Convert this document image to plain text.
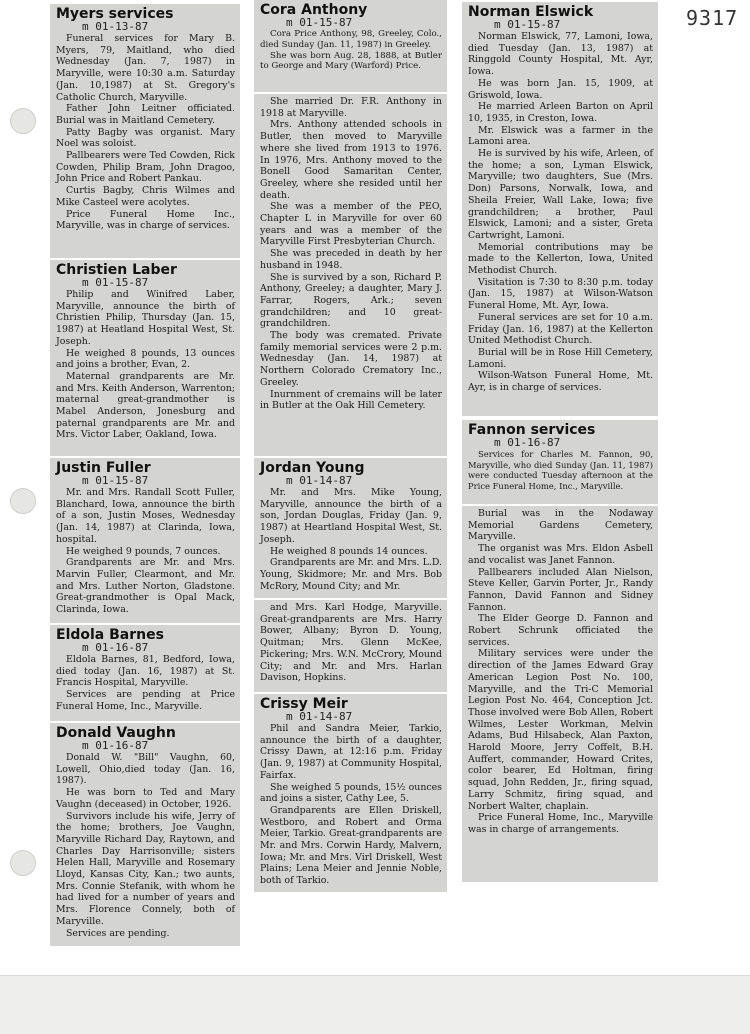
9317
Myers services
m 01-13-87

Funeral services for Mary B. Myers, 79, Maitland, who died Wednesday (Jan. 7, 1987) in Maryville, were 10:30 a.m. Saturday (Jan. 10,1987) at St. Gregory's Catholic Church, Maryville.

Father John Leitner officiated. Burial was in Maitland Cemetery.

Patty Bagby was organist. Mary Noel was soloist.

Pallbearers were Ted Cowden, Rick Cowden, Philip Bram, John Dragoo, John Price and Robert Pankau.

Curtis Bagby, Chris Wilmes and Mike Casteel were acolytes.

Price Funeral Home Inc., Maryville, was in charge of services.

Christien Laber
m 01-15-87

Philip and Winifred Laber, Maryville, announce the birth of Christien Philip, Thursday (Jan. 15, 1987) at Heatland Hospital West, St. Joseph.

He weighed 8 pounds, 13 ounces and joins a brother, Evan, 2.

Maternal grandparents are Mr. and Mrs. Keith Anderson, Warrenton; maternal great-grandmother is Mabel Anderson, Jonesburg and paternal grandparents are Mr. and Mrs. Victor Laber, Oakland, Iowa.

Justin Fuller
m 01-15-87

Mr. and Mrs. Randall Scott Fuller, Blanchard, Iowa, announce the birth of a son, Justin Moses, Wednesday (Jan. 14, 1987) at Clarinda, Iowa, hospital.

He weighed 9 pounds, 7 ounces.

Grandparents are Mr. and Mrs. Marvin Fuller, Clearmont, and Mr. and Mrs. Luther Norton, Gladstone. Great-grandmother is Opal Mack, Clarinda, Iowa.

Eldola Barnes
m 01-16-87

Eldola Barnes, 81, Bedford, Iowa, died today (Jan. 16, 1987) at St. Francis Hospital, Maryville.

Services are pending at Price Funeral Home, Inc., Maryville.

Donald Vaughn
m 01-16-87

Donald W. "Bill" Vaughn, 60, Lowell, Ohio,died today (Jan. 16, 1987).

He was born to Ted and Mary Vaughn (deceased) in October, 1926.

Survivors include his wife, Jerry of the home; brothers, Joe Vaughn, Maryville Richard Day, Raytown, and Charles Day Harrisonville; sisters Helen Hall, Maryville and Rosemary Lloyd, Kansas City, Kan.; two aunts, Mrs. Connie Stefanik, with whom he had lived for a number of years and Mrs. Florence Connely, both of Maryville.

Services are pending.

Cora Anthony
m 01-15-87

Cora Price Anthony, 98, Greeley, Colo., died Sunday (Jan. 11, 1987) in Greeley.

She was born Aug. 28, 1888, at Butler to George and Mary (Warford) Price.

She married Dr. F.R. Anthony in 1918 at Maryville.

Mrs. Anthony attended schools in Butler, then moved to Maryville where she lived from 1913 to 1976. In 1976, Mrs. Anthony moved to the Bonell Good Samaritan Center, Greeley, where she resided until her death.

She was a member of the PEO, Chapter L in Maryville for over 60 years and was a member of the Maryville First Presbyterian Church.

She was preceded in death by her husband in 1948.

She is survived by a son, Richard P. Anthony, Greeley; a daughter, Mary J. Farrar, Rogers, Ark.; seven grandchildren; and 10 great-grandchildren.

The body was cremated. Private family memorial services were 2 p.m. Wednesday (Jan. 14, 1987) at Northern Colorado Crematory Inc., Greeley.

Inurnment of cremains will be later in Butler at the Oak Hill Cemetery.

Jordan Young
m 01-14-87

Mr. and Mrs. Mike Young, Maryville, announce the birth of a son, Jordan Douglas, Friday (Jan. 9, 1987) at Heartland Hospital West, St. Joseph.

He weighed 8 pounds 14 ounces.

Grandparents are Mr. and Mrs. L.D. Young, Skidmore; Mr. and Mrs. Bob McRory, Mound City; and Mr.

and Mrs. Karl Hodge, Maryville. Great-grandparents are Mrs. Harry Bower, Albany; Byron D. Young, Quitman; Mrs. Glenn McKee, Pickering; Mrs. W.N. McCrory, Mound City; and Mr. and Mrs. Harlan Davison, Hopkins.

Crissy Meir
m 01-14-87

Phil and Sandra Meier, Tarkio, announce the birth of a daughter, Crissy Dawn, at 12:16 p.m. Friday (Jan. 9, 1987) at Community Hospital, Fairfax.

She weighed 5 pounds, 15½ ounces and joins a sister, Cathy Lee, 5.

Grandparents are Ellen Driskell, Westboro, and Robert and Orma Meier, Tarkio. Great-grandparents are Mr. and Mrs. Corwin Hardy, Malvern, Iowa; Mr. and Mrs. Virl Driskell, West Plains; Lena Meier and Jennie Noble, both of Tarkio.

Norman Elswick
m 01-15-87

Norman Elswick, 77, Lamoni, Iowa, died Tuesday (Jan. 13, 1987) at Ringgold County Hospital, Mt. Ayr, Iowa.

He was born Jan. 15, 1909, at Griswold, Iowa.

He married Arleen Barton on April 10, 1935, in Creston, Iowa.

Mr. Elswick was a farmer in the Lamoni area.

He is survived by his wife, Arleen, of the home; a son, Lyman Elswick, Maryville; two daughters, Sue (Mrs. Don) Parsons, Norwalk, Iowa, and Sheila Freier, Wall Lake, Iowa; five grandchildren; a brother, Paul Elswick, Lamoni; and a sister, Greta Cartwright, Lamoni.

Memorial contributions may be made to the Kellerton, Iowa, United Methodist Church.

Visitation is 7:30 to 8:30 p.m. today (Jan. 15, 1987) at Wilson-Watson Funeral Home, Mt. Ayr, Iowa.

Funeral services are set for 10 a.m. Friday (Jan. 16, 1987) at the Kellerton United Methodist Church.

Burial will be in Rose Hill Cemetery, Lamoni.

Wilson-Watson Funeral Home, Mt. Ayr, is in charge of services.

Fannon services
m 01-16-87

Services for Charles M. Fannon, 90, Maryville, who died Sunday (Jan. 11, 1987) were conducted Tuesday afternoon at the Price Funeral Home, Inc., Maryville.

Burial was in the Nodaway Memorial Gardens Cemetery, Maryville.

The organist was Mrs. Eldon Asbell and vocalist was Janet Fannon.

Pallbearers included Alan Nielson, Steve Keller, Garvin Porter, Jr., Randy Fannon, David Fannon and Sidney Fannon.

The Elder George D. Fannon and Robert Schrunk officiated the services.

Military services were under the direction of the James Edward Gray American Legion Post No. 100, Maryville, and the Tri-C Memorial Legion Post No. 464, Conception Jct. Those involved were Bob Allen, Robert Wilmes, Lester Workman, Melvin Adams, Bud Hilsabeck, Alan Paxton, Harold Moore, Jerry Coffelt, B.H. Auffert, commander, Howard Crites, color bearer, Ed Holtman, firing squad, John Redden, Jr., firing squad, Larry Schmitz, firing squad, and Norbert Walter, chaplain.

Price Funeral Home, Inc., Maryville was in charge of arrangements.
